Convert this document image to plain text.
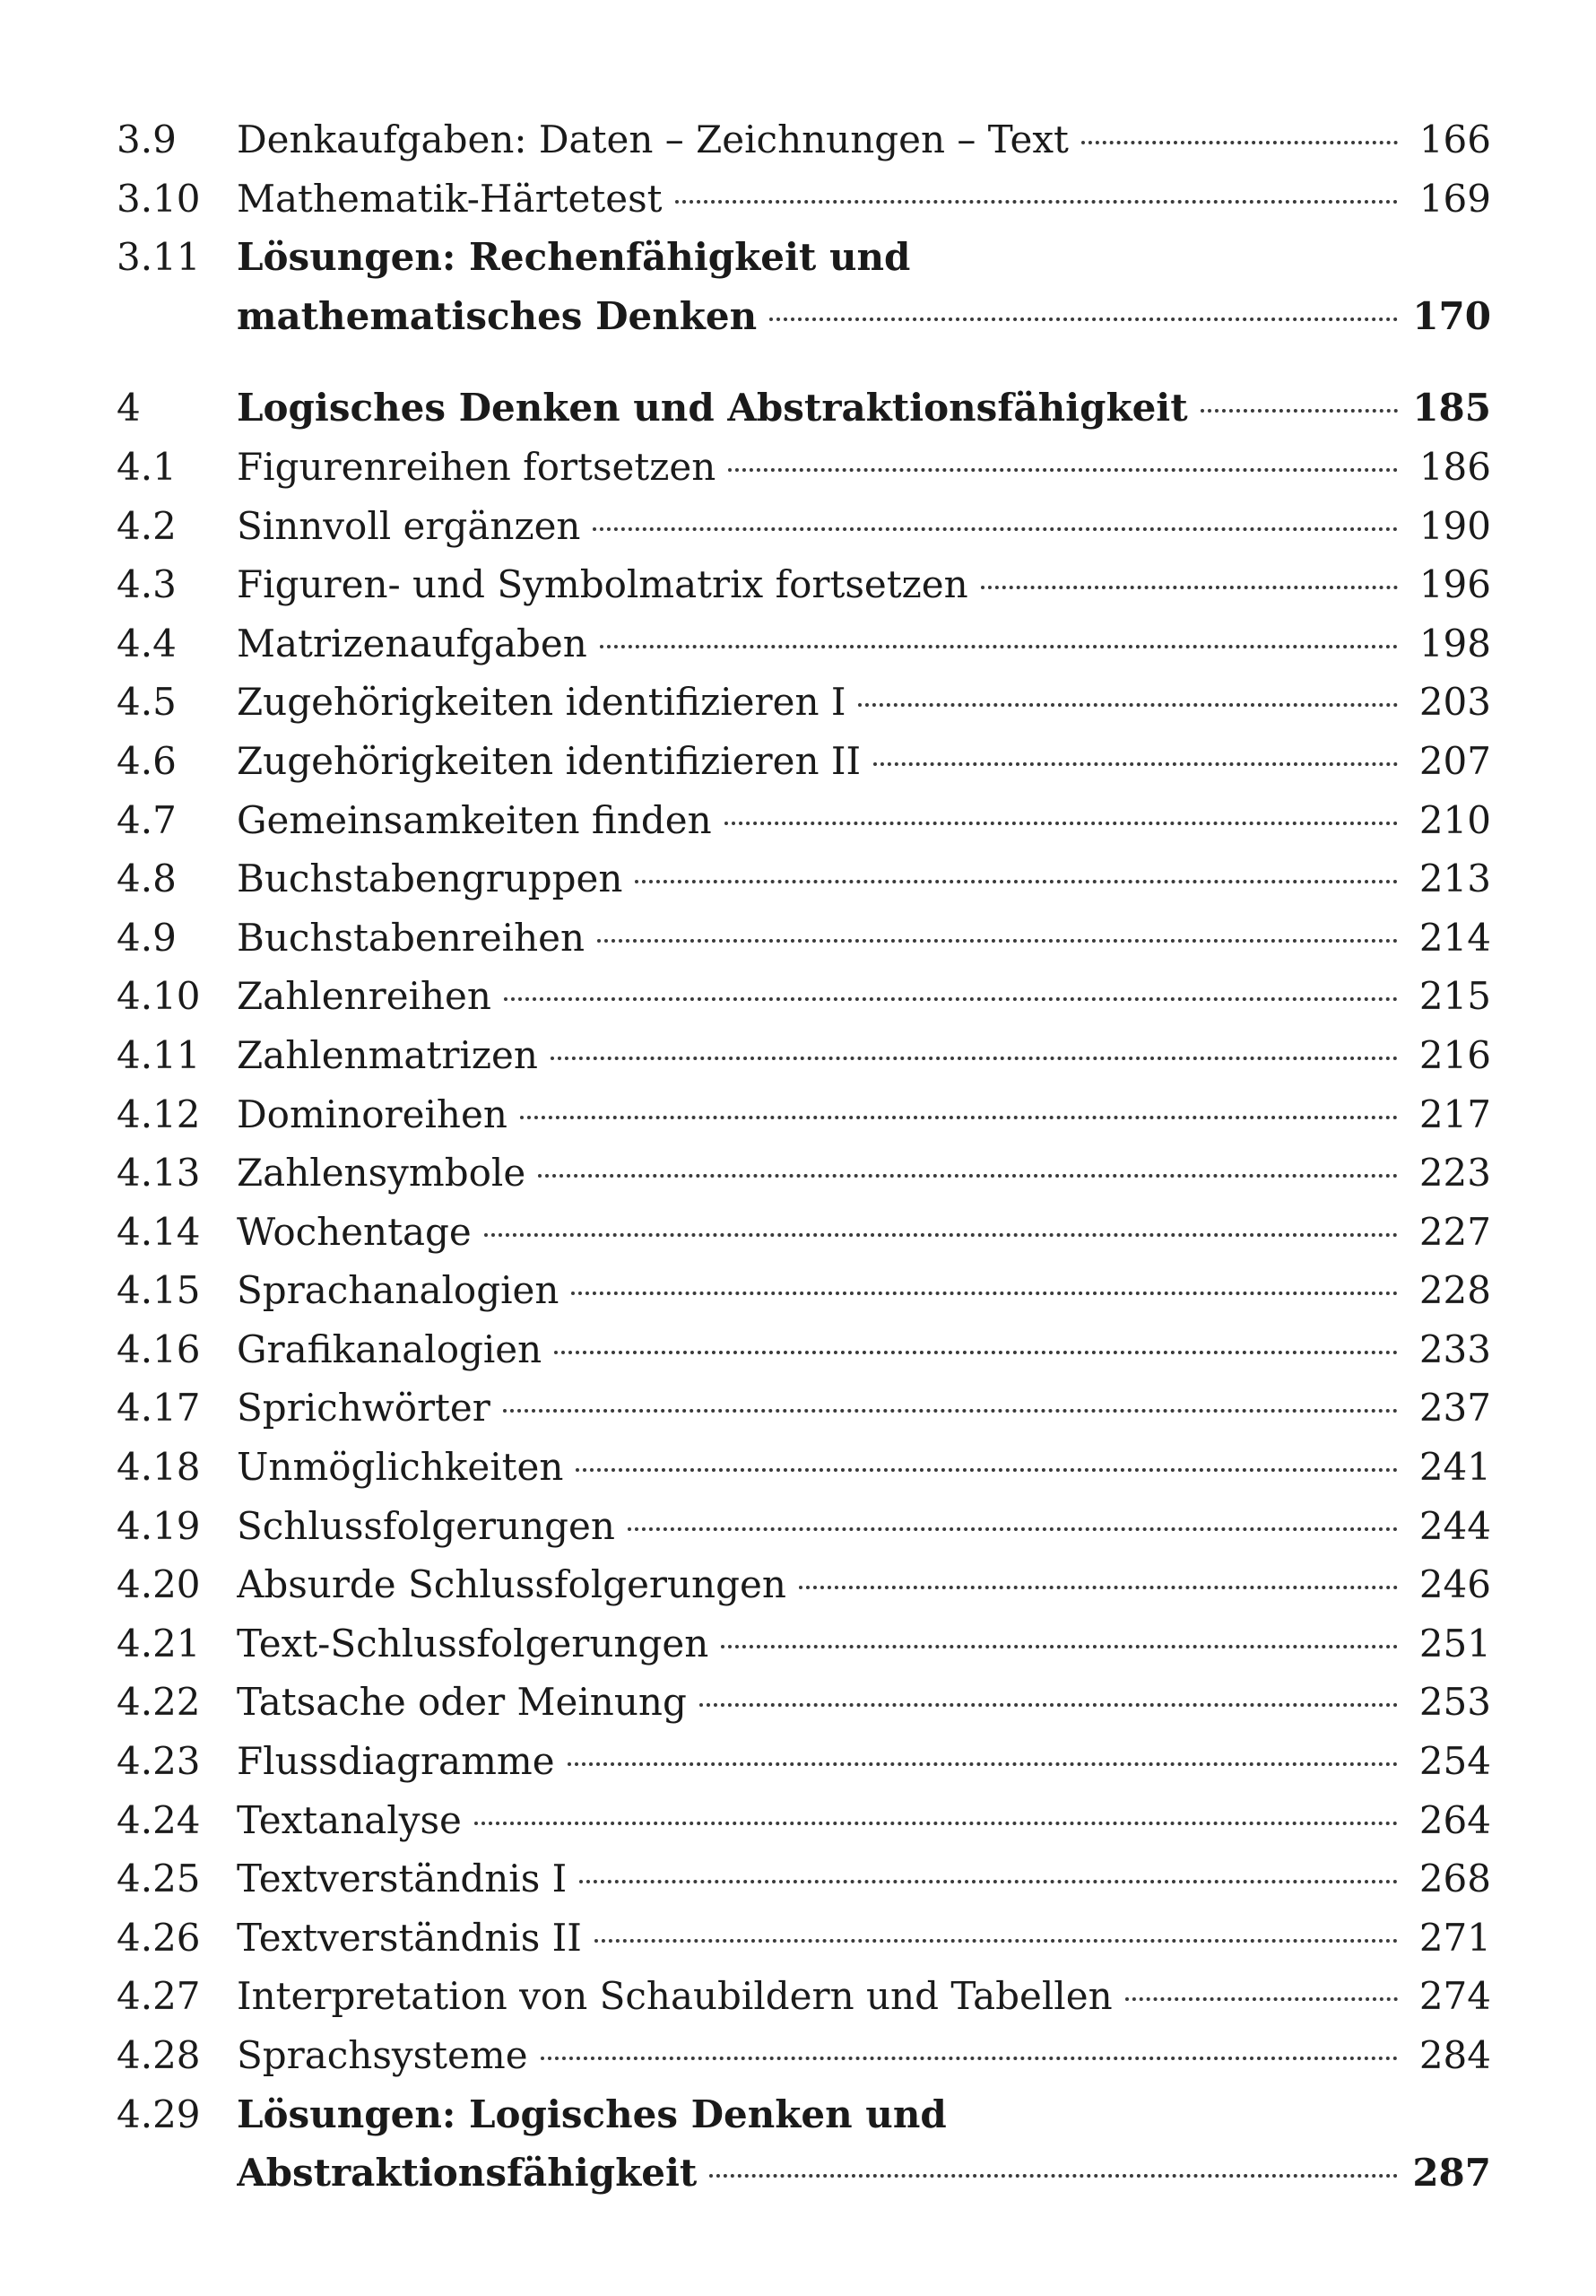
3.9	Denkaufgaben: Daten – Zeichnungen – Text	166
3.10 Mathematik-Härtetest	169
3.11 Lösungen: Rechenfähigkeit und
mathematisches Denken	170
4	Logisches Denken und Abstraktionsfähigkeit	185
4.1	Figurenreihen fortsetzen	186
4.2	Sinnvoll ergänzen	190
4.3	Figuren- und Symbolmatrix fortsetzen	196
4.4	Matrizenaufgaben	198
4.5	Zugehörigkeiten identifizieren I	203
4.6	Zugehörigkeiten identifizieren II	207
4.7	Gemeinsamkeiten finden	210
4.8	Buchstabengruppen	213
4.9	Buchstabenreihen	214
4.10 Zahlenreihen	215
4.11 Zahlenmatrizen	216
4.12 Dominoreihen	217
4.13 Zahlensymbole	223
4.14 Wochentage	227
4.15 Sprachanalogien	228
4.16 Grafikanalogien	233
4.17 Sprichwörter	237
4.18 Unmöglichkeiten	241
4.19 Schlussfolgerungen	244
4.20 Absurde Schlussfolgerungen	246
4.21 Text-Schlussfolgerungen	251
4.22 Tatsache oder Meinung	253
4.23 Flussdiagramme	254
4.24 Textanalyse	264
4.25 Textverständnis I	268
4.26 Textverständnis II	271
4.27 Interpretation von Schaubildern und Tabellen	274
4.28 Sprachsysteme	284
4.29 Lösungen: Logisches Denken und
Abstraktionsfähigkeit	287
